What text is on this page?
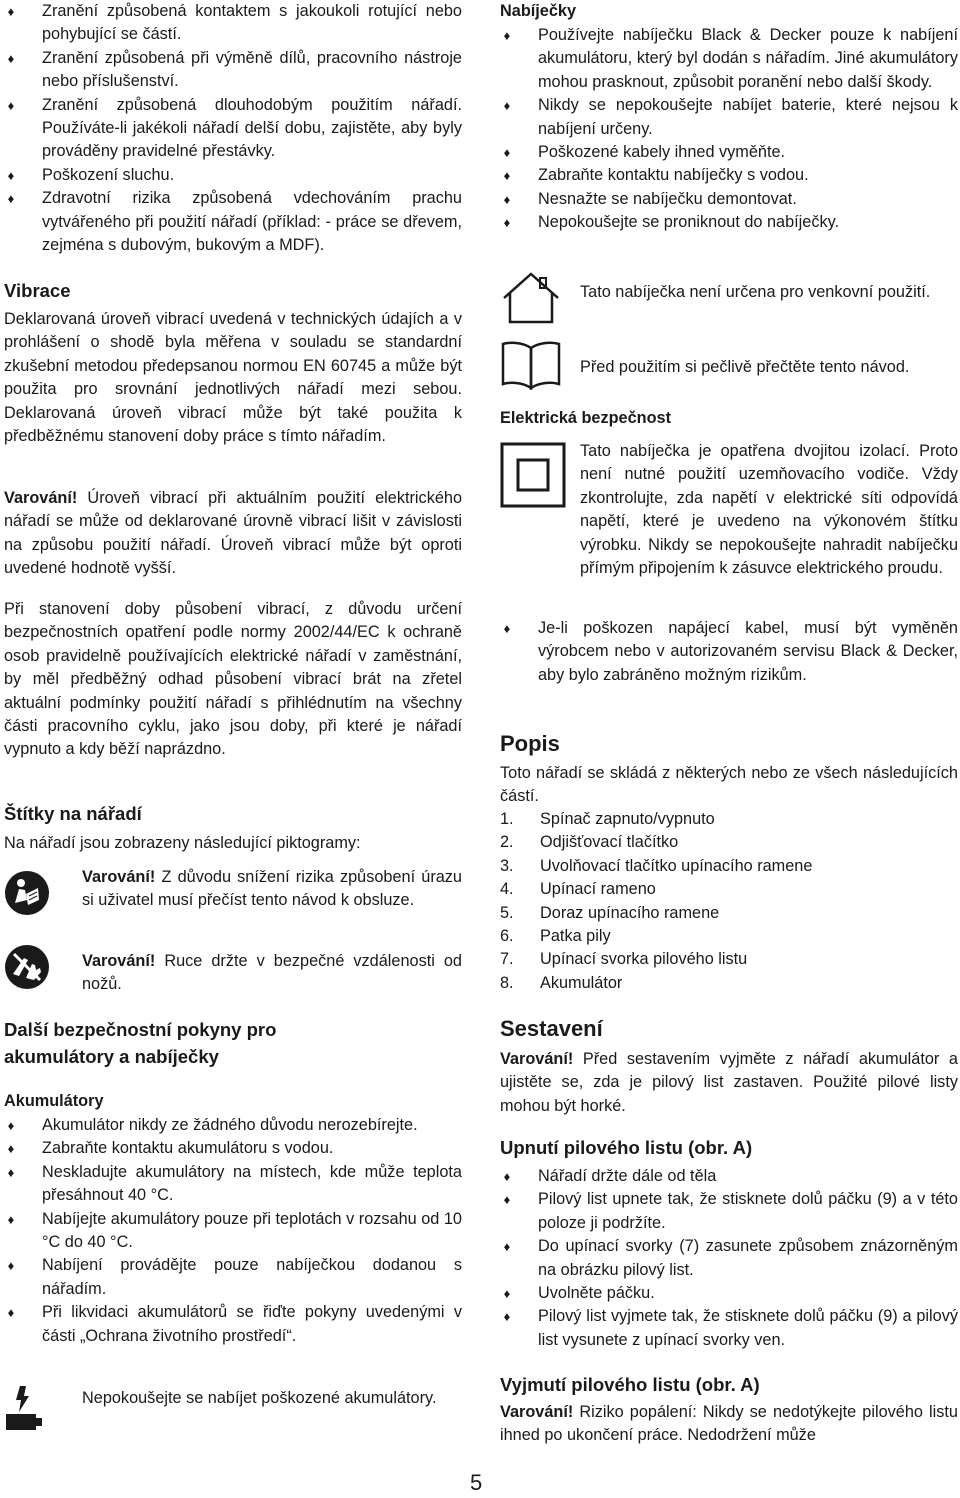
♦ Zranění způsobená kontaktem s jakoukoli rotující nebo pohybující se částí.
♦ Zranění způsobená při výměně dílů, pracovního nástroje nebo příslušenství.
♦ Zranění způsobená dlouhodobým použitím nářadí. Používáte-li jakékoli nářadí delší dobu, zajistěte, aby byly prováděny pravidelné přestávky.
♦ Poškození sluchu.
♦ Zdravotní rizika způsobená vdechováním prachu vytvářeného při použití nářadí (příklad: - práce se dřevem, zejména s dubovým, bukovým a MDF).
Vibrace

Deklarovaná úroveň vibrací uvedená v technických údajích a v prohlášení o shodě byla měřena v souladu se standardní zkušební metodou předepsanou normou EN 60745 a může být použita pro srovnání jednotlivých nářadí mezi sebou. Deklarovaná úroveň vibrací může být také použita k předběžnému stanovení doby práce s tímto nářadím.

Varování! Úroveň vibrací při aktuálním použití elektrického nářadí se může od deklarované úrovně vibrací lišit v závislosti na způsobu použití nářadí. Úroveň vibrací může být oproti uvedené hodnotě vyšší.

Při stanovení doby působení vibrací, z důvodu určení bezpečnostních opatření podle normy 2002/44/EC k ochraně osob pravidelně používajících elektrické nářadí v zaměstnání, by měl předběžný odhad působení vibrací brát na zřetel aktuální podmínky použití nářadí s přihlédnutím na všechny části pracovního cyklu, jako jsou doby, při které je nářadí vypnuto a kdy běží naprázdno.

Štítky na nářadí

Na nářadí jsou zobrazeny následující piktogramy:

Varování! Z důvodu snížení rizika způsobení úrazu si uživatel musí přečíst tento návod k obsluze.

Varování! Ruce držte v bezpečné vzdálenosti od nožů.

Další bezpečnostní pokyny pro
akumulátory a nabíječky
Akumulátory
♦ Akumulátor nikdy ze žádného důvodu nerozebírejte.
♦ Zabraňte kontaktu akumulátoru s vodou.
♦ Neskladujte akumulátory na místech, kde může teplota přesáhnout 40 °C.
♦ Nabíjejte akumulátory pouze při teplotách v rozsahu od 10 °C do 40 °C.
♦ Nabíjení provádějte pouze nabíječkou dodanou s nářadím.
♦ Při likvidaci akumulátorů se řiďte pokyny uvedenými v části „Ochrana životního prostředí“.

Nepokoušejte se nabíjet poškozené akumulátory.

Nabíječky
♦ Používejte nabíječku Black & Decker pouze k nabíjení akumulátoru, který byl dodán s nářadím. Jiné akumulátory mohou prasknout, způsobit poranění nebo další škody.
♦ Nikdy se nepokoušejte nabíjet baterie, které nejsou k nabíjení určeny.
♦ Poškozené kabely ihned vyměňte.
♦ Zabraňte kontaktu nabíječky s vodou.
♦ Nesnažte se nabíječku demontovat.
♦ Nepokoušejte se proniknout do nabíječky.

Tato nabíječka není určena pro venkovní použití.

Před použitím si pečlivě přečtěte tento návod.

Elektrická bezpečnost

Tato nabíječka je opatřena dvojitou izolací. Proto není nutné použití uzemňovacího vodiče. Vždy zkontrolujte, zda napětí v elektrické síti odpovídá napětí, které je uvedeno na výkonovém štítku výrobku. Nikdy se nepokoušejte nahradit nabíječku přímým připojením k zásuvce elektrického proudu.

♦ Je-li poškozen napájecí kabel, musí být vyměněn výrobcem nebo v autorizovaném servisu Black & Decker, aby bylo zabráněno možným rizikům.
Popis

Toto nářadí se skládá z některých nebo ze všech následujících částí.

1. Spínač zapnuto/vypnuto
2. Odjišťovací tlačítko
3. Uvolňovací tlačítko upínacího ramene
4. Upínací rameno
5. Doraz upínacího ramene
6. Patka pily
7. Upínací svorka pilového listu
8. Akumulátor
Sestavení

Varování! Před sestavením vyjměte z nářadí akumulátor a ujistěte se, zda je pilový list zastaven. Použité pilové listy mohou být horké.

Upnutí pilového listu (obr. A)
♦ Nářadí držte dále od těla
♦ Pilový list upnete tak, že stisknete dolů páčku (9) a v této poloze ji podržíte.
♦ Do upínací svorky (7) zasunete způsobem znázorněným na obrázku pilový list.
♦ Uvolněte páčku.
♦ Pilový list vyjmete tak, že stisknete dolů páčku (9) a pilový list vysunete z upínací svorky ven.
Vyjmutí pilového listu (obr. A)

Varování! Riziko popálení: Nikdy se nedotýkejte pilového listu ihned po ukončení práce. Nedodržení může

5
